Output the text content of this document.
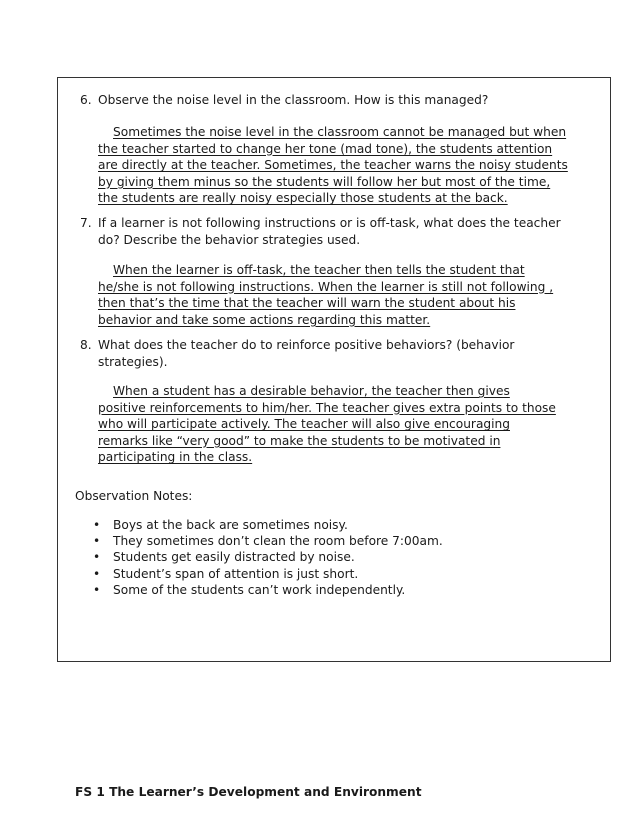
6. Observe the noise level in the classroom. How is this managed?
Sometimes the noise level in the classroom cannot be managed but when the teacher started to change her tone (mad tone), the students attention are directly at the teacher. Sometimes, the teacher warns the noisy students by giving them minus so the students will follow her but most of the time, the students are really noisy especially those students at the back.
7. If a learner is not following instructions or is off-task, what does the teacher do? Describe the behavior strategies used.
When the learner is off-task, the teacher then tells the student that he/she is not following instructions. When the learner is still not following , then that’s the time that the teacher will warn the student about his behavior and take some actions regarding this matter.
8. What does the teacher do to reinforce positive behaviors? (behavior strategies).
When a student has a desirable behavior, the teacher then gives positive reinforcements to him/her. The teacher gives extra points to those who will participate actively. The teacher will also give encouraging remarks like “very good” to make the students to be motivated in participating in the class.
Observation Notes:
• Boys at the back are sometimes noisy.
• They sometimes don’t clean the room before 7:00am.
• Students get easily distracted by noise.
• Student’s span of attention is just short.
• Some of the students can’t work independently.
FS 1 The Learner’s Development and Environment
